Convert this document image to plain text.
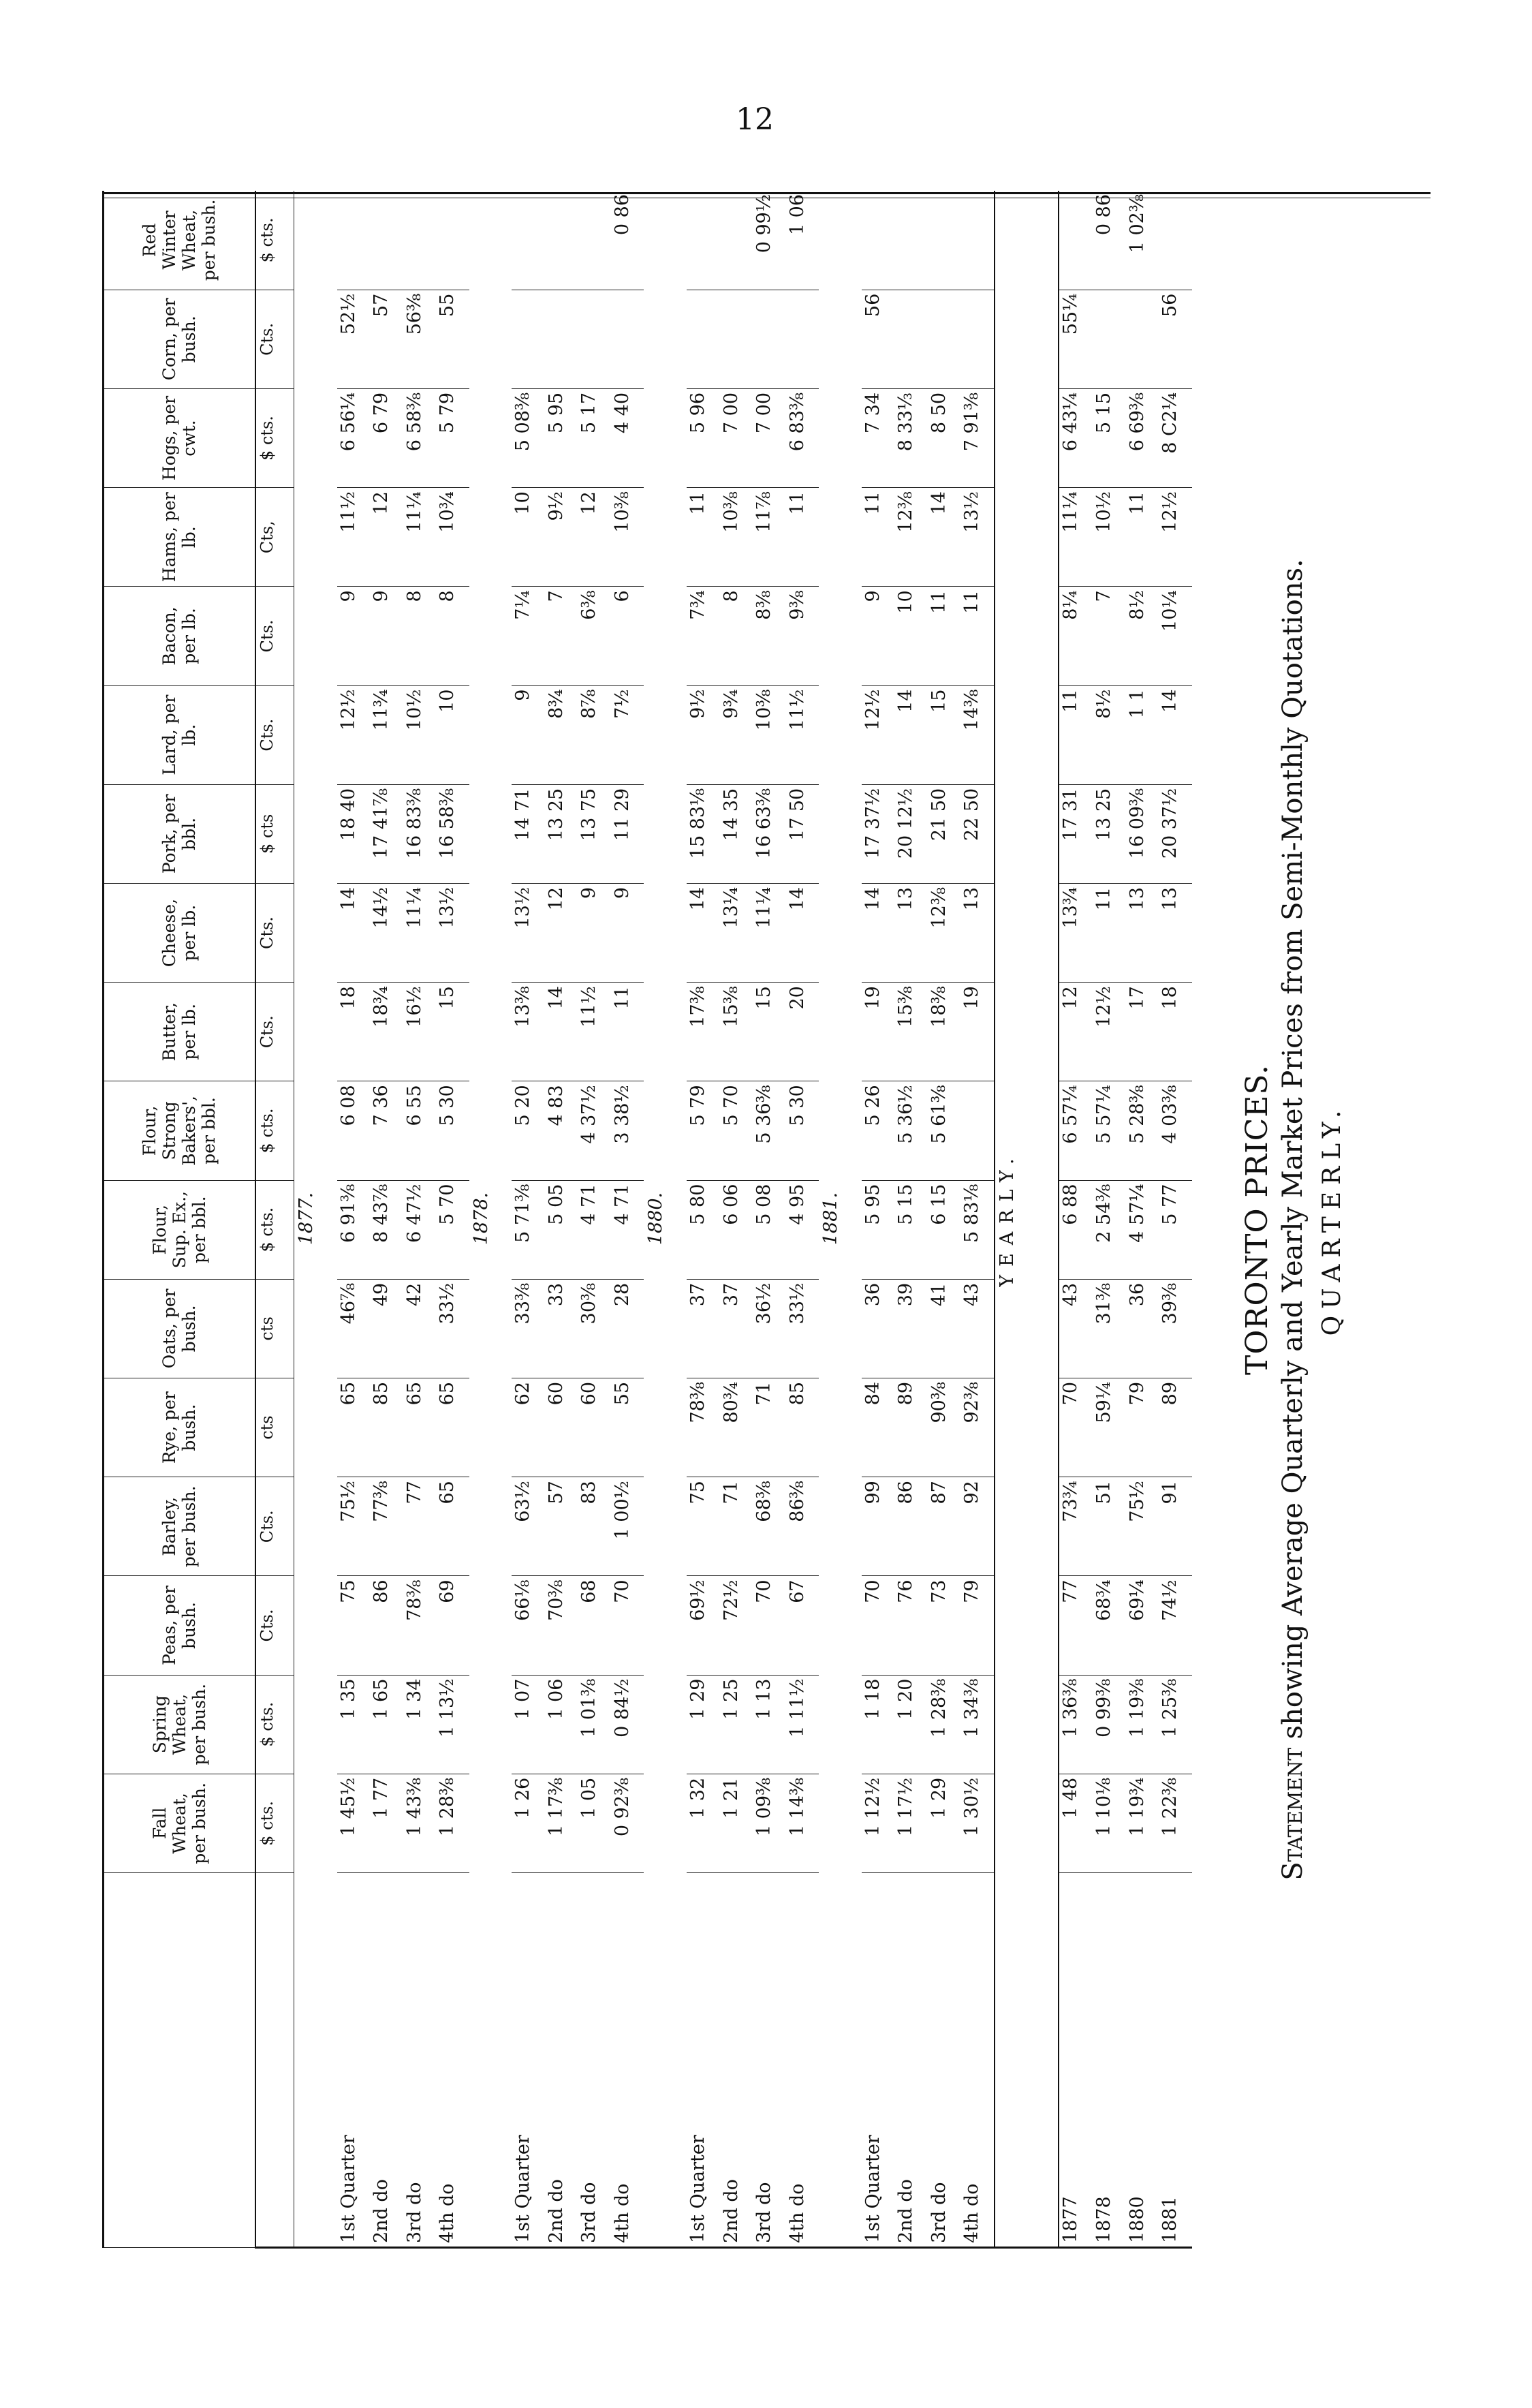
12
	Fall Wheat, per bush.	Spring Wheat, per bush.	Peas, per bush.	Barley, per bush.	Rye, per bush.	Oats, per bush.	Flour, Sup. Ex., per bbl.	Flour, Strong Bakers', per bbl.	Butter, per lb.	Cheese, per lb.	Pork, per bbl.	Lard, per lb.	Bacon, per lb.	Hams, per lb.	Hogs, per cwt.	Corn, per bush.	Red Winter Wheat, per bush.
	$ cts.	$ cts.	Cts.	Cts.	cts	cts	$ cts.	$ cts.	Cts.	Cts.	$ cts	Cts.	Cts.	Cts,	$ cts.	Cts.	$ cts.
1877.																	
1st Quarter	1 45½	1 35	75	75½	65	46⅞	6 91⅜	6 08	18	14	18 40	12½	9	11½	6 56¼	52½	
2nd do	1 77	1 65	86	77⅜	85	49	8 43⅞	7 36	18¾	14½	17 41⅞	11¾	9	12	6 79	57	
3rd do	1 43⅜	1 34	78⅜	77	65	42	6 47½	6 55	16½	11¼	16 83⅜	10½	8	11¼	6 58⅜	56⅜	
4th do	1 28⅜	1 13½	69	65	65	33½	5 70	5 30	15	13½	16 58⅜	10	8	10¾	5 79	55	
1878.																	
1st Quarter	1 26	1 07	66⅛	63½	62	33⅜	5 71⅜	5 20	13⅜	13½	14 71	9	7¼	10	5 08⅜		
2nd do	1 17⅜	1 06	70⅜	57	60	33	5 05	4 83	14	12	13 25	8¾	7	9½	5 95		
3rd do	1 05	1 01⅜	68	83	60	30⅜	4 71	4 37½	11½	9	13 75	8⅞	6⅜	12	5 17		
4th do	0 92⅜	0 84½	70	1 00½	55	28	4 71	3 38½	11	9	11 29	7½	6	10⅜	4 40		0 86
1880.																	
1st Quarter	1 32	1 29	69½	75	78⅜	37	5 80	5 79	17⅜	14	15 83⅛	9½	7¾	11	5 96		
2nd do	1 21	1 25	72½	71	80¾	37	6 06	5 70	15⅜	13¼	14 35	9¾	8	10⅜	7 00		
3rd do	1 09⅜	1 13	70	68⅜	71	36½	5 08	5 36⅜	15	11¼	16 63⅜	10⅜	8⅜	11⅞	7 00		0 99½
4th do	1 14⅜	1 11½	67	86⅜	85	33½	4 95	5 30	20	14	17 50	11½	9⅜	11	6 83⅜		1 06
1881.																	
1st Quarter	1 12½	1 18	70	99	84	36	5 95	5 26	19	14	17 37½	12½	9	11	7 34	56	
2nd do	1 17½	1 20	76	86	89	39	5 15	5 36½	15⅜	13	20 12½	14	10	12⅜	8 33⅓		
3rd do	1 29	1 28⅜	73	87	90⅜	41	6 15	5 61⅜	18⅜	12⅜	21 50	15	11	14	8 50		
4th do	1 30½	1 34⅜	79	92	92⅜	43	5 83⅛		19	13	22 50	14⅜	11	13½	7 91⅜		
YEARLY.																	
1877	1 48	1 36⅜	77	73¾	70	43	6 88	6 57¼	12	13¾	17 31	11	8¼	11¼	6 43¼	55¼	
1878	1 10⅛	0 99⅜	68¾	51	59¼	31⅜	2 54⅜	5 57¼	12½	11	13 25	8½	7	10½	5 15		0 86
1880	1 19¾	1 19⅜	69¼	75½	79	36	4 57¼	5 28⅜	17	13	16 09⅜	1 1	8½	11	6 69⅜		1 02⅜
1881	1 22⅜	1 25⅜	74½	91	89	39⅜	5 77	4 03⅜	18	13	20 37½	14	10¼	12½	8 C2¼	56	
TORONTO PRICES.
Statement showing Average Quarterly and Yearly Market Prices from Semi-Monthly Quotations. QUARTERLY.
